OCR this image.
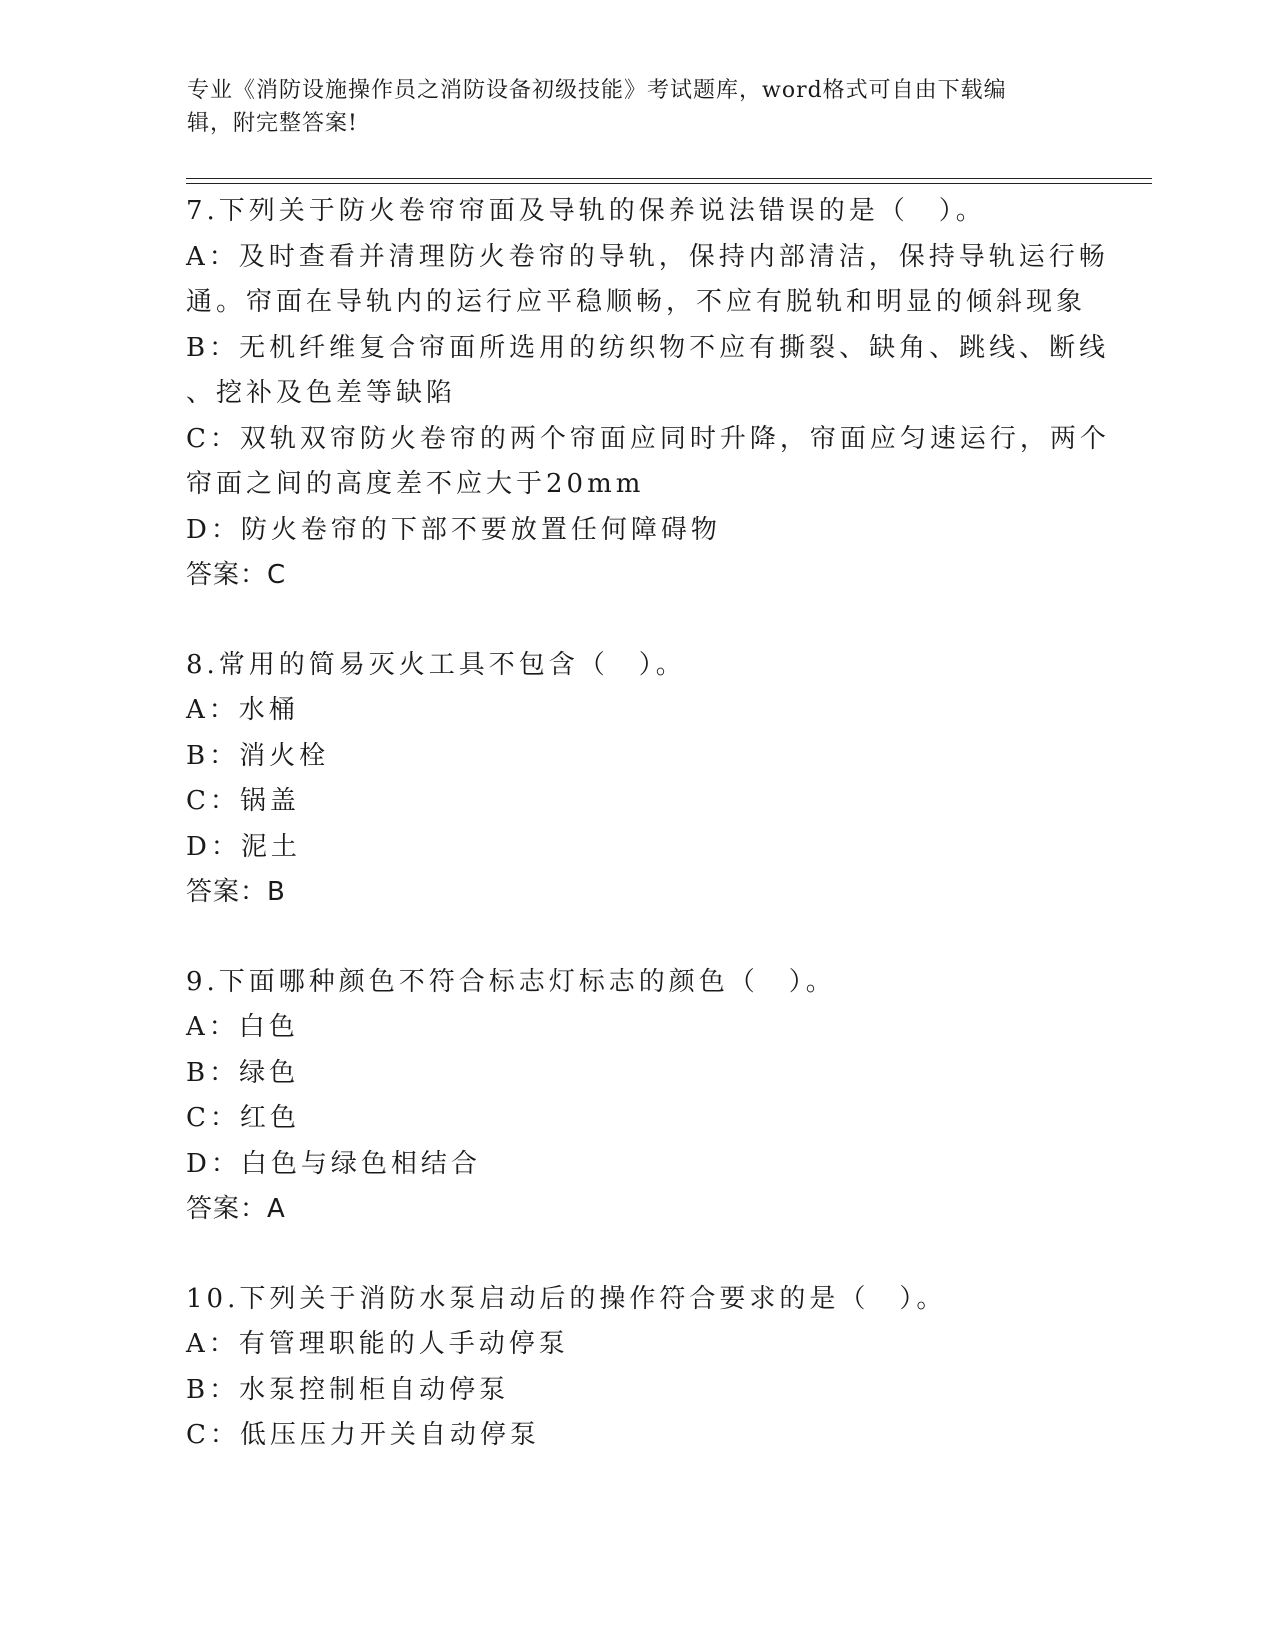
专业《消防设施操作员之消防设备初级技能》考试题库，word格式可自由下载编
辑，附完整答案!
7.下列关于防火卷帘帘面及导轨的保养说法错误的是（　）。
A：及时查看并清理防火卷帘的导轨，保持内部清洁，保持导轨运行畅
通。帘面在导轨内的运行应平稳顺畅，不应有脱轨和明显的倾斜现象
B：无机纤维复合帘面所选用的纺织物不应有撕裂、缺角、跳线、断线
、挖补及色差等缺陷
C：双轨双帘防火卷帘的两个帘面应同时升降，帘面应匀速运行，两个
帘面之间的高度差不应大于20mm
D：防火卷帘的下部不要放置任何障碍物
答案：C
8.常用的简易灭火工具不包含（　）。
A：水桶
B：消火栓
C：锅盖
D：泥土
答案：B
9.下面哪种颜色不符合标志灯标志的颜色（　）。
A：白色
B：绿色
C：红色
D：白色与绿色相结合
答案：A
10.下列关于消防水泵启动后的操作符合要求的是（　）。
A：有管理职能的人手动停泵
B：水泵控制柜自动停泵
C：低压压力开关自动停泵
